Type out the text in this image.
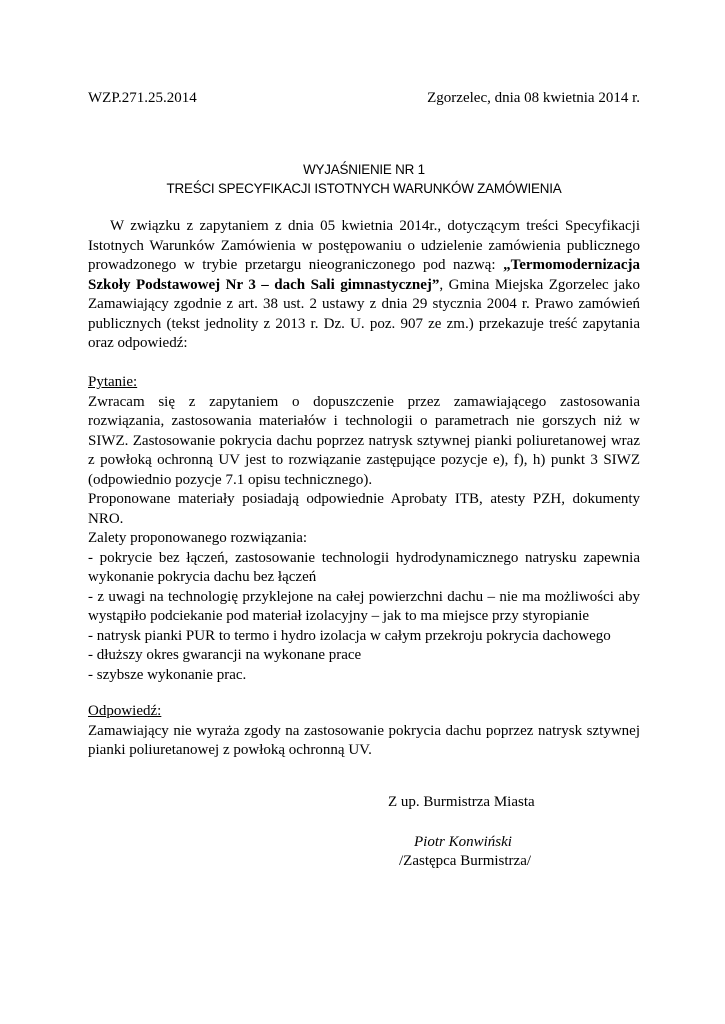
WZP.271.25.2014	Zgorzelec, dnia 08 kwietnia 2014 r.
WYJAŚNIENIE NR 1
TREŚCI SPECYFIKACJI ISTOTNYCH WARUNKÓW ZAMÓWIENIA
W związku z zapytaniem z dnia 05 kwietnia 2014r., dotyczącym treści Specyfikacji Istotnych Warunków Zamówienia w postępowaniu o udzielenie zamówienia publicznego prowadzonego w trybie przetargu nieograniczonego pod nazwą: „Termomodernizacja Szkoły Podstawowej Nr 3 – dach Sali gimnastycznej”, Gmina Miejska Zgorzelec jako Zamawiający zgodnie z art. 38 ust. 2 ustawy z dnia 29 stycznia 2004 r. Prawo zamówień publicznych (tekst jednolity z 2013 r. Dz. U. poz. 907 ze zm.) przekazuje treść zapytania oraz odpowiedź:
Pytanie:
Zwracam się z zapytaniem o dopuszczenie przez zamawiającego zastosowania rozwiązania, zastosowania materiałów i technologii o parametrach nie gorszych niż w SIWZ. Zastosowanie pokrycia dachu poprzez natrysk sztywnej pianki poliuretanowej wraz z powłoką ochronną UV jest to rozwiązanie zastępujące pozycje e), f), h) punkt 3 SIWZ (odpowiednio pozycje 7.1 opisu technicznego).
Proponowane materiały posiadają odpowiednie Aprobaty ITB, atesty PZH, dokumenty NRO.
Zalety proponowanego rozwiązania:
- pokrycie bez łączeń, zastosowanie technologii hydrodynamicznego natrysku zapewnia wykonanie pokrycia dachu bez łączeń
- z uwagi na technologię przyklejone na całej powierzchni dachu – nie ma możliwości aby wystąpiło podciekanie pod materiał izolacyjny – jak to ma miejsce przy styropianie
- natrysk pianki PUR to termo i hydro izolacja w całym przekroju pokrycia dachowego
- dłuższy okres gwarancji na wykonane prace
- szybsze wykonanie prac.
Odpowiedź:
Zamawiający nie wyraża zgody na zastosowanie pokrycia dachu poprzez natrysk sztywnej pianki poliuretanowej z powłoką ochronną UV.
Z up. Burmistrza Miasta
Piotr Konwiński
/Zastępca Burmistrza/
